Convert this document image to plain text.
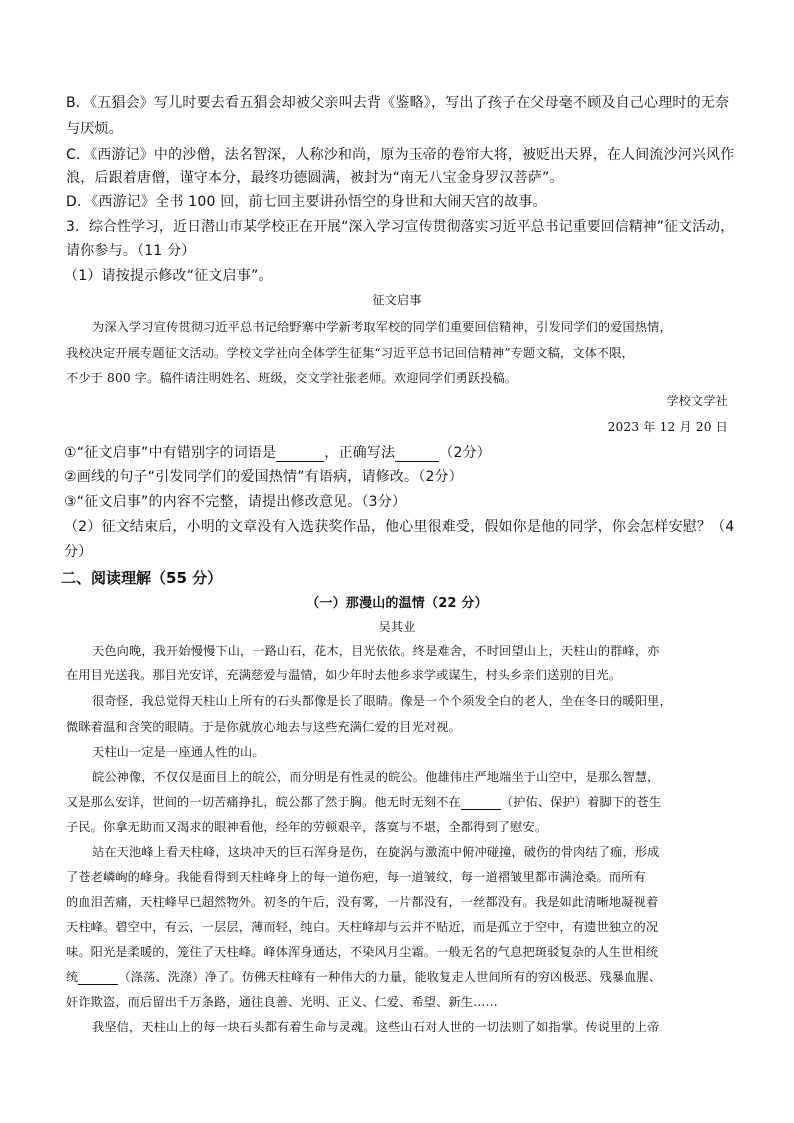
B．《五猖会》写儿时要去看五猖会却被父亲叫去背《鉴略》，写出了孩子在父母毫不顾及自己心理时的无奈
与厌烦。
C．《西游记》中的沙僧，法名智深，人称沙和尚，原为玉帝的卷帘大将，被贬出天界，在人间流沙河兴风作
浪，后跟着唐僧，谨守本分，最终功德圆满，被封为“南无八宝金身罗汉菩萨”。
D．《西游记》全书 100 回，前七回主要讲孙悟空的身世和大闹天宫的故事。
3．综合性学习，近日潜山市某学校正在开展“深入学习宣传贯彻落实习近平总书记重要回信精神”征文活动，
请你参与。（11 分）
（1）请按提示修改“征文启事”。
征文启事
为深入学习宣传贯彻习近平总书记给野寨中学新考取军校的同学们重要回信精神，引发同学们的爱国热情，
我校决定开展专题征文活动。学校文学社向全体学生征集“习近平总书记回信精神”专题文稿，文体不限，
不少于 800 字。稿件请注明姓名、班级，交文学社张老师。欢迎同学们勇跃投稿。
学校文学社
2023 年 12 月 20 日
①“征文启事”中有错别字的词语是	，正确写法	（2分）
②画线的句子“引发同学们的爱国热情”有语病，请修改。（2分）
③“征文启事”的内容不完整，请提出修改意见。（3分）
（2）征文结束后，小明的文章没有入选获奖作品，他心里很难受，假如你是他的同学，你会怎样安慰？（4
分）
二、阅读理解（55 分）
（一）那漫山的温情（22 分）
吴其业
天色向晚，我开始慢慢下山，一路山石，花木，目光依依。终是难舍，不时回望山上，天柱山的群峰，亦
在用目光送我。那目光安详，充满慈爱与温情，如少年时去他乡求学或谋生，村头乡亲们送别的目光。
很奇怪，我总觉得天柱山上所有的石头都像是长了眼睛。像是一个个须发全白的老人，坐在冬日的暖阳里，
微眯着温和含笑的眼睛。于是你就放心地去与这些充满仁爱的目光对视。
天柱山一定是一座通人性的山。
皖公神像，不仅仅是面目上的皖公，而分明是有性灵的皖公。他雄伟庄严地端坐于山空中，是那么智慧，
又是那么安详，世间的一切苦痛挣扎，皖公都了然于胸。他无时无刻不在	（护佑、保护）着脚下的苍生
子民。你拿无助而又渴求的眼神看他，经年的劳顿艰辛，落寞与不堪，全都得到了慰安。
站在天池峰上看天柱峰，这块冲天的巨石浑身是伤，在旋涡与激流中俯冲碰撞，破伤的骨肉结了痂，形成
了苍老嶙峋的峰身。我能看得到天柱峰身上的每一道伤疤，每一道皱纹，每一道褶皱里都市满沧桑。而所有
的血泪苦痛，天柱峰早已超然物外。初冬的午后，没有雾，一片都没有，一丝都没有。我是如此清晰地凝视着
天柱峰。碧空中，有云，一层层，薄而轻，纯白。天柱峰却与云并不贴近，而是孤立于空中，有遗世独立的况
味。阳光是柔暖的，笼住了天柱峰。峰体浑身通达，不染风月尘霜。一般无名的气息把斑驳复杂的人生世相统
统	（涤荡、洗涤）净了。仿佛天柱峰有一种伟大的力量，能收复走人世间所有的穷凶极恶、残暴血腥、
奸诈欺盗，而后留出千万条路，通往良善、光明、正义、仁爱、希望、新生……
我坚信，天柱山上的每一块石头都有着生命与灵魂。这些山石对人世的一切法则了如指掌。传说里的上帝
